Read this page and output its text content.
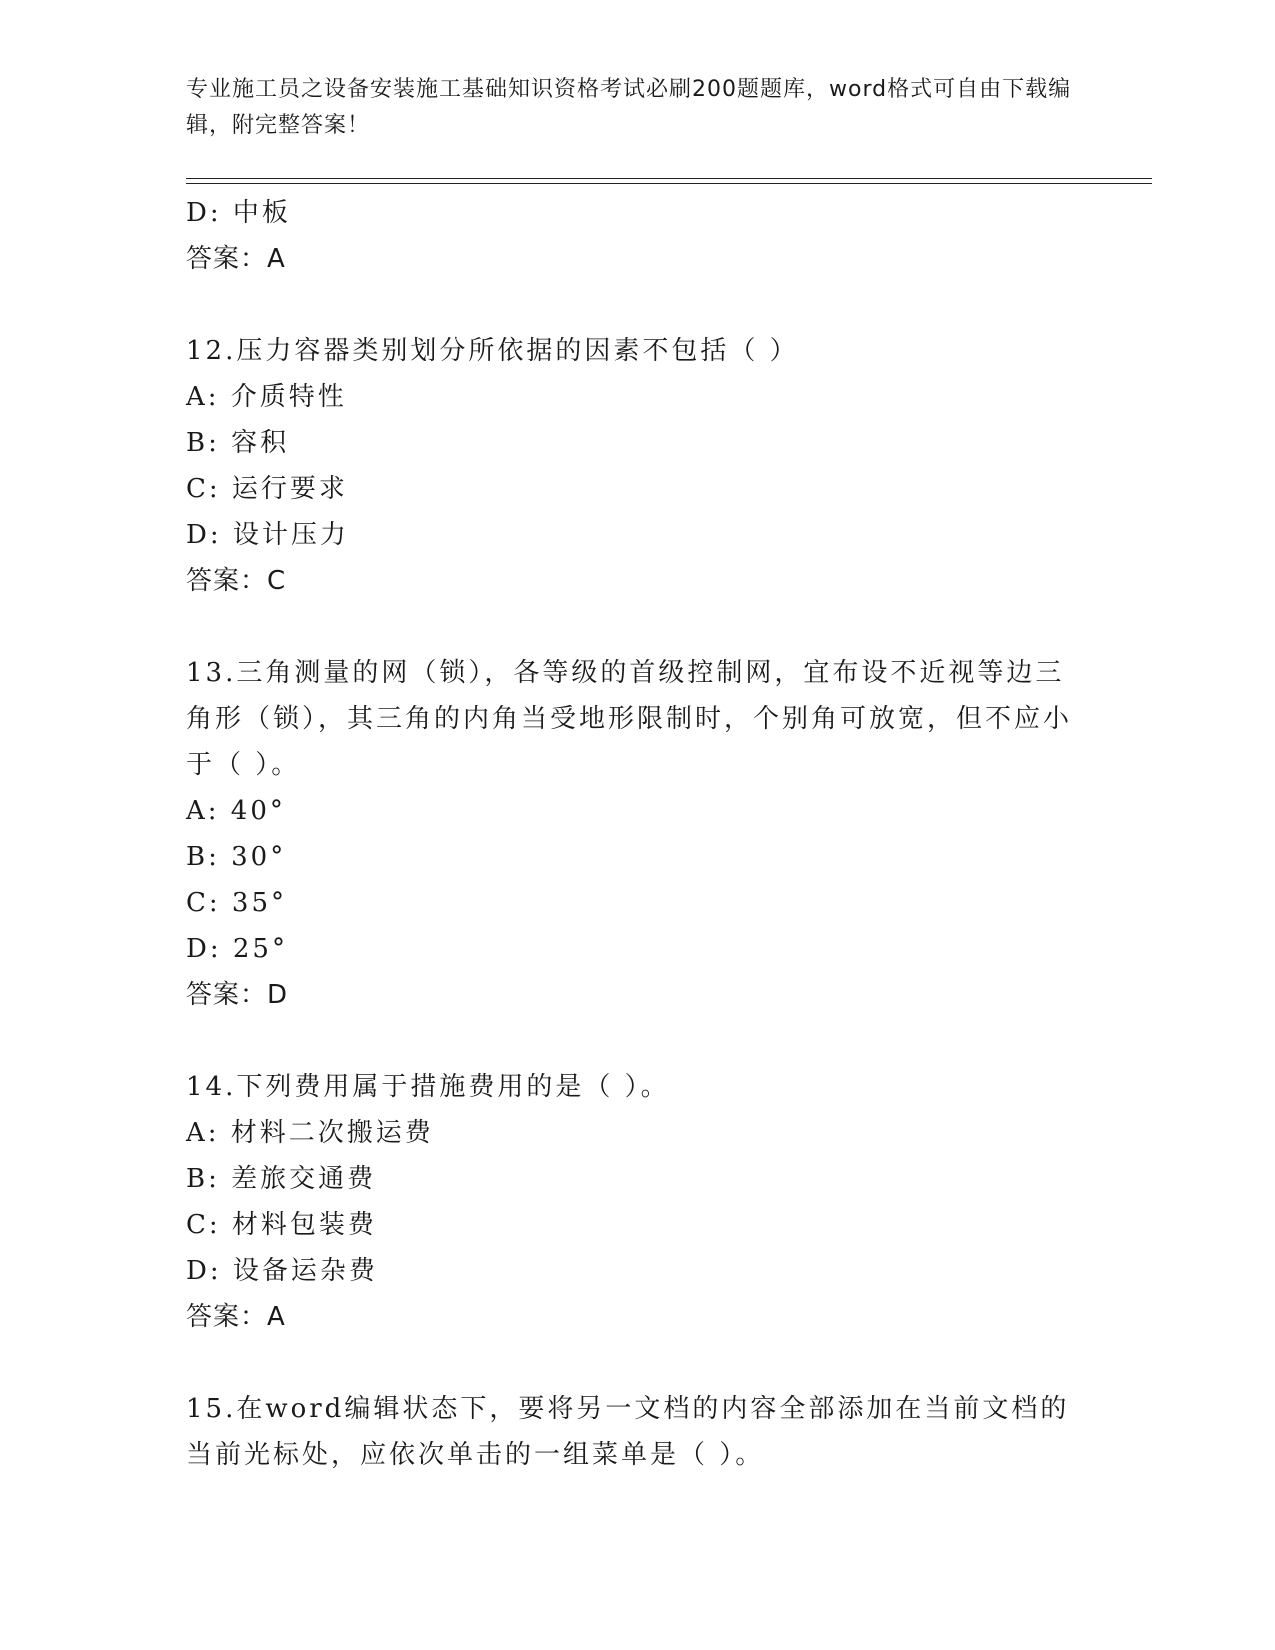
专业施工员之设备安装施工基础知识资格考试必刷200题题库，word格式可自由下载编辑，附完整答案！
D: 中板
答案：A
12.压力容器类别划分所依据的因素不包括（ ）
A: 介质特性
B: 容积
C: 运行要求
D: 设计压力
答案：C
13.三角测量的网（锁），各等级的首级控制网，宜布设不近视等边三角形（锁），其三角的内角当受地形限制时，个别角可放宽，但不应小于（ ）。
A: 40°
B: 30°
C: 35°
D: 25°
答案：D
14.下列费用属于措施费用的是（ ）。
A: 材料二次搬运费
B: 差旅交通费
C: 材料包装费
D: 设备运杂费
答案：A
15.在word编辑状态下，要将另一文档的内容全部添加在当前文档的当前光标处，应依次单击的一组菜单是（ ）。
